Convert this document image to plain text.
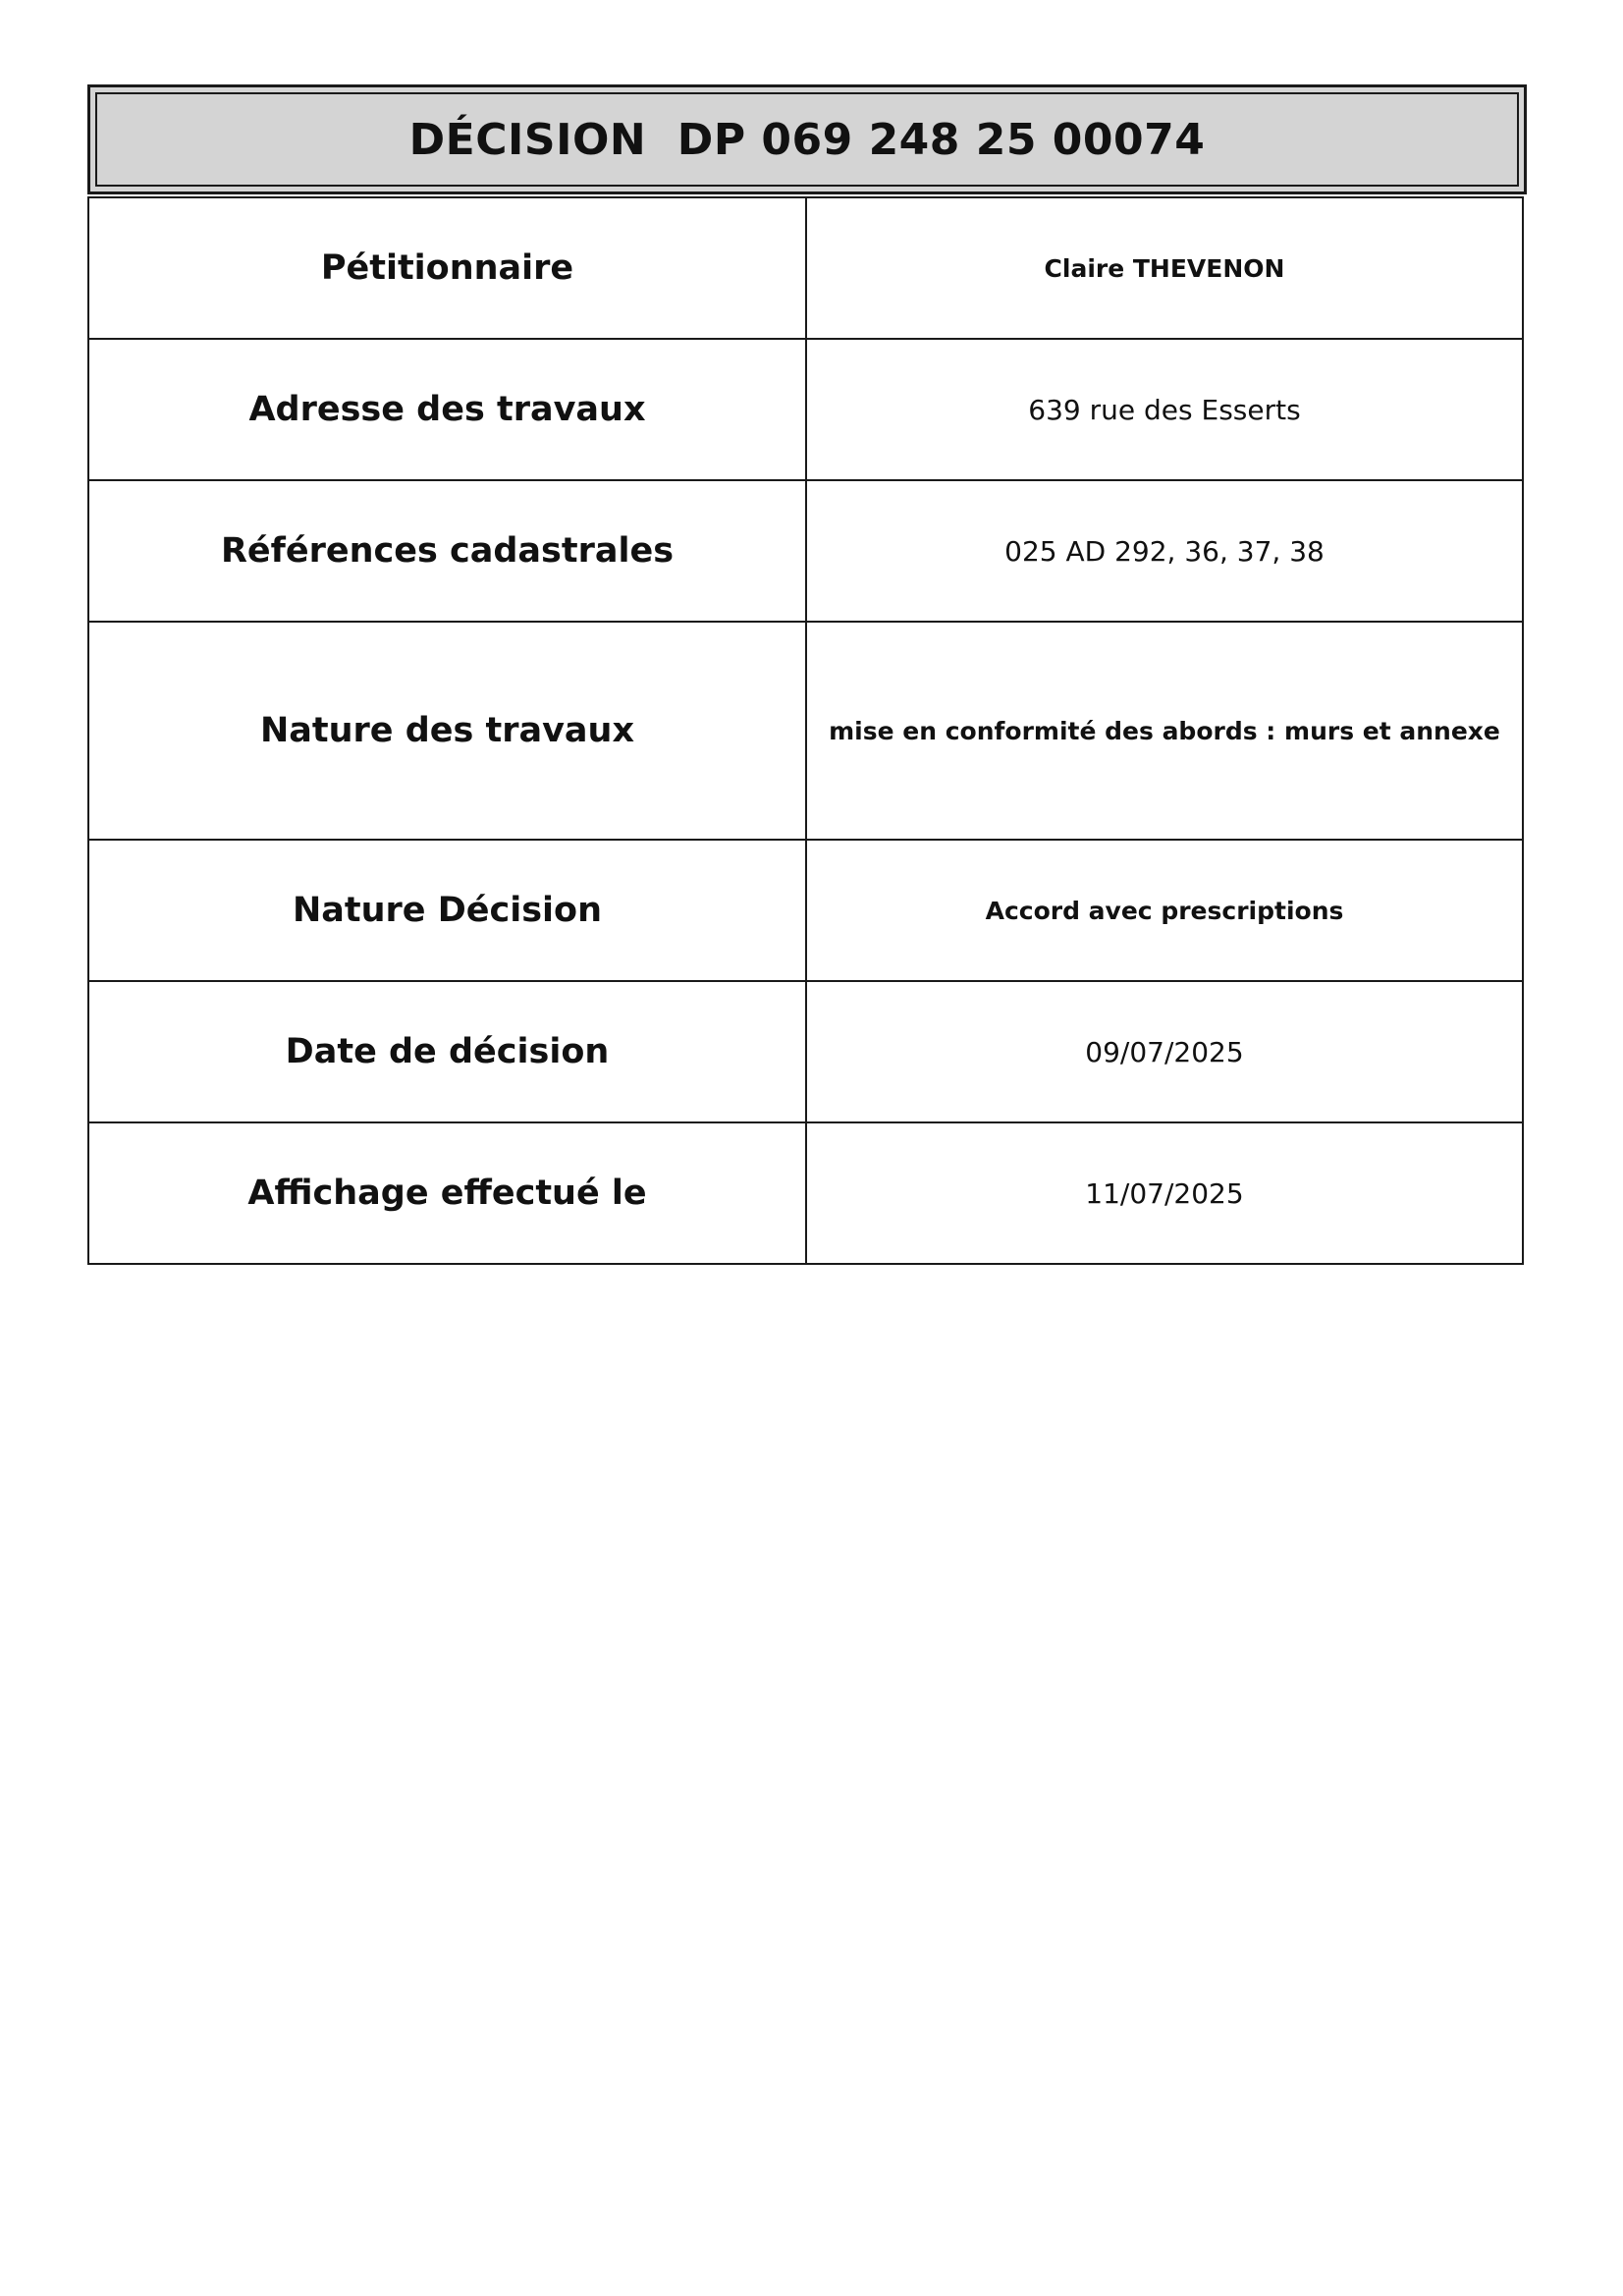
DÉCISION  DP 069 248 25 00074
Pétitionnaire	Claire THEVENON
Adresse des travaux	639 rue des Esserts
Références cadastrales	025 AD 292, 36, 37, 38
Nature des travaux	mise en conformité des abords : murs et annexe
Nature Décision	Accord avec prescriptions
Date de décision	09/07/2025
Affichage effectué le	11/07/2025
